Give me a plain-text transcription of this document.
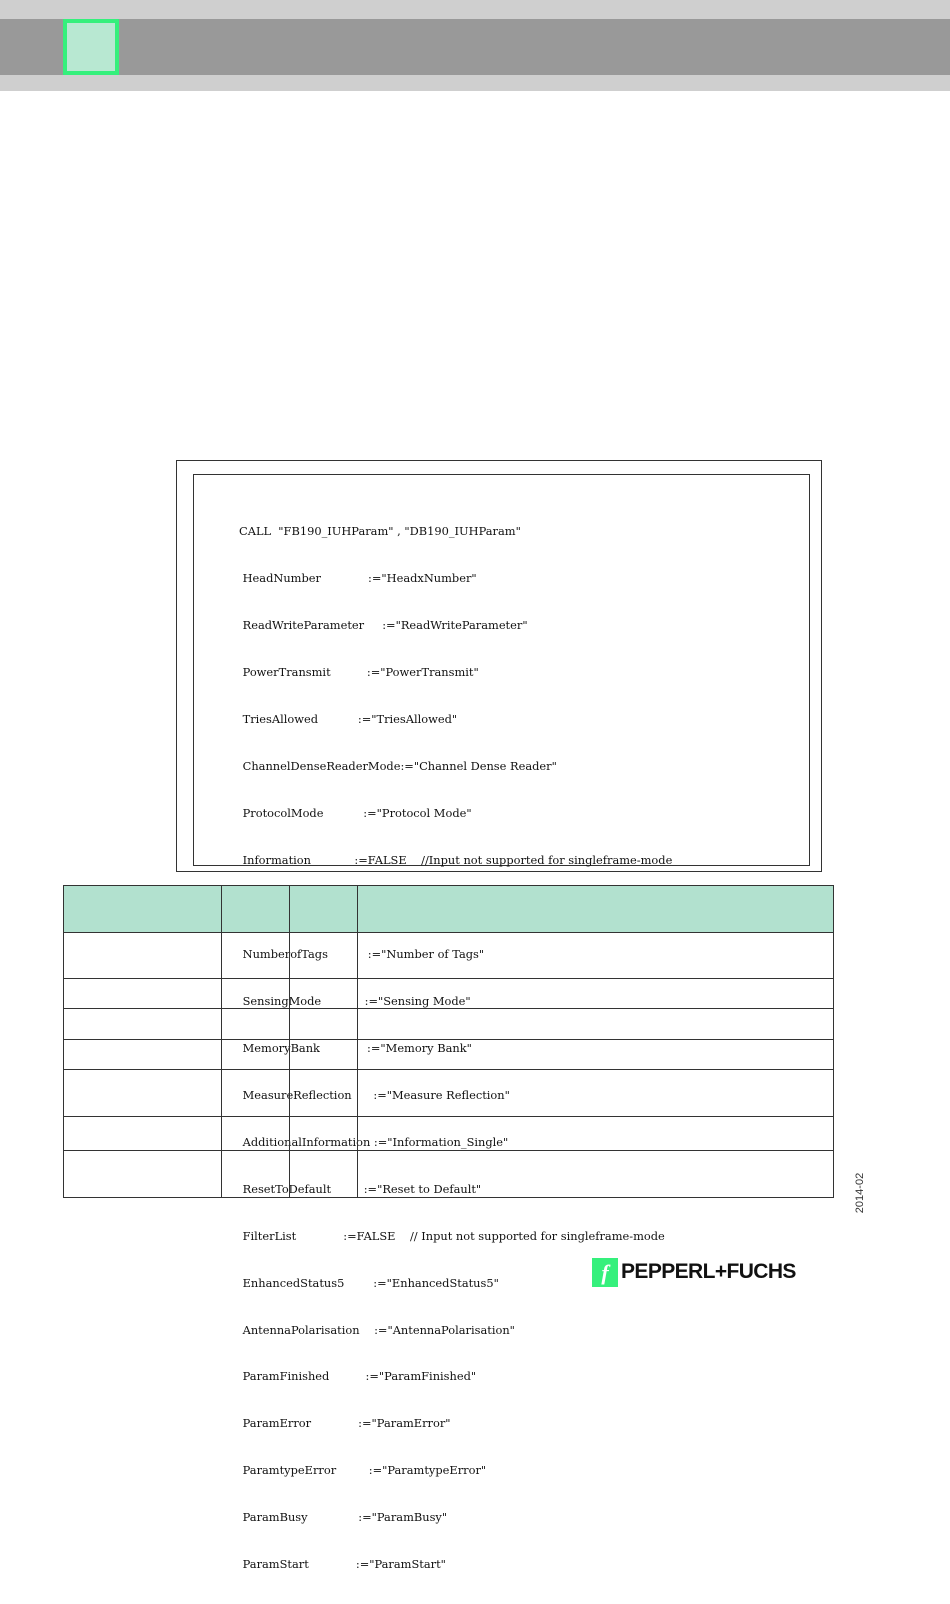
CALL  "FB190_IUHParam" , "DB190_IUHParam"

HeadNumber             :="HeadxNumber"

ReadWriteParameter     :="ReadWriteParameter"

PowerTransmit          :="PowerTransmit"

TriesAllowed           :="TriesAllowed"

ChannelDenseReaderMode:="Channel Dense Reader"

ProtocolMode           :="Protocol Mode"

Information            :=FALSE    //Input not supported for singleframe-mode

NumberofTags           :="Number of Tags"

SensingMode            :="Sensing Mode"

MemoryBank             :="Memory Bank"

MeasureReflection      :="Measure Reflection"

AdditionalInformation :="Information_Single"

ResetToDefault         :="Reset to Default"

FilterList             :=FALSE    // Input not supported for singleframe-mode

EnhancedStatus5        :="EnhancedStatus5"

AntennaPolarisation    :="AntennaPolarisation"

ParamFinished          :="ParamFinished"

ParamError             :="ParamError"

ParamtypeError         :="ParamtypeError"

ParamBusy              :="ParamBusy"

ParamStart             :="ParamStart"

2014-02
f PEPPERL+FUCHS
